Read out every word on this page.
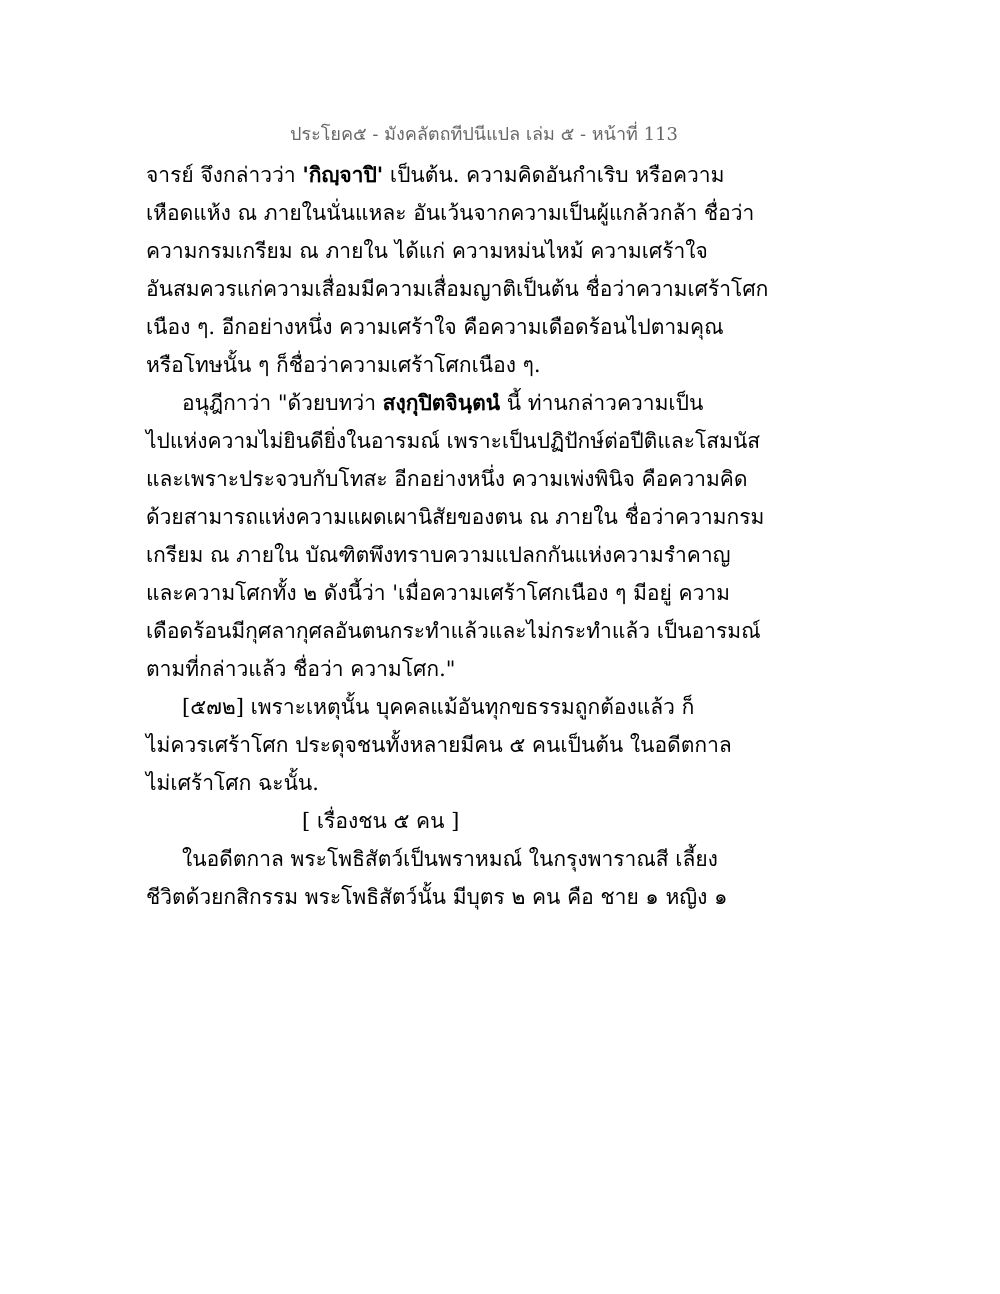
ประโยค๕ - มังคลัตถทีปนีแปล เล่ม ๕ - หน้าที่ 113
จารย์ จึงกล่าวว่า 'กิญฺจาปิ' เป็นต้น. ความคิดอันกำเริบ หรือความ
เหือดแห้ง ณ ภายในนั่นแหละ อันเว้นจากความเป็นผู้แกล้วกล้า ชื่อว่า
ความกรมเกรียม ณ ภายใน ได้แก่ ความหม่นไหม้ ความเศร้าใจ
อันสมควรแก่ความเสื่อมมีความเสื่อมญาติเป็นต้น ชื่อว่าความเศร้าโศก
เนือง ๆ. อีกอย่างหนึ่ง ความเศร้าใจ คือความเดือดร้อนไปตามคุณ
หรือโทษนั้น ๆ ก็ชื่อว่าความเศร้าโศกเนือง ๆ.
อนุฎีกาว่า "ด้วยบทว่า สงฺกุปิตจินฺตนํ นี้ ท่านกล่าวความเป็น
ไปแห่งความไม่ยินดียิ่งในอารมณ์ เพราะเป็นปฏิปักษ์ต่อปีติและโสมนัส
และเพราะประจวบกับโทสะ อีกอย่างหนึ่ง ความเพ่งพินิจ คือความคิด
ด้วยสามารถแห่งความแผดเผานิสัยของตน ณ ภายใน ชื่อว่าความกรม
เกรียม ณ ภายใน บัณฑิตพึงทราบความแปลกกันแห่งความรำคาญ
และความโศกทั้ง ๒ ดังนี้ว่า 'เมื่อความเศร้าโศกเนือง ๆ มีอยู่ ความ
เดือดร้อนมีกุศลากุศลอันตนกระทำแล้วและไม่กระทำแล้ว เป็นอารมณ์
ตามที่กล่าวแล้ว ชื่อว่า ความโศก."
[๕๗๒] เพราะเหตุนั้น บุคคลแม้อันทุกขธรรมถูกต้องแล้ว ก็
ไม่ควรเศร้าโศก ประดุจชนทั้งหลายมีคน ๕ คนเป็นต้น ในอดีตกาล
ไม่เศร้าโศก ฉะนั้น.
[ เรื่องชน ๕ คน ]
ในอดีตกาล พระโพธิสัตว์เป็นพราหมณ์ ในกรุงพาราณสี เลี้ยง
ชีวิตด้วยกสิกรรม พระโพธิสัตว์นั้น มีบุตร ๒ คน คือ ชาย ๑ หญิง ๑
